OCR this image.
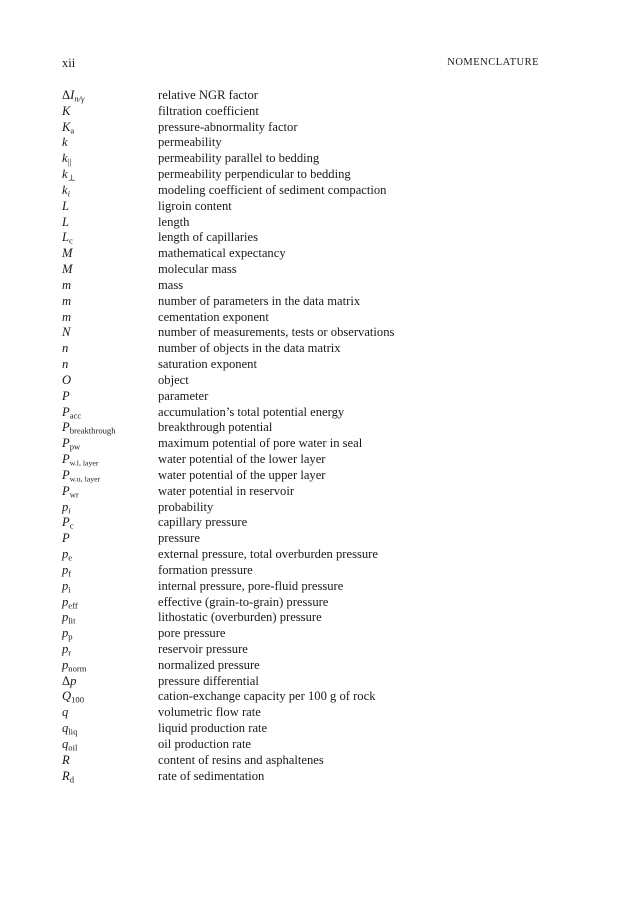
xii	NOMENCLATURE
$\Delta I_{n/\gamma}$	relative NGR factor
K	filtration coefficient
$K_a$	pressure-abnormality factor
k	permeability
$k_{||}$	permeability parallel to bedding
$k_\perp$	permeability perpendicular to bedding
$k_i$	modeling coefficient of sediment compaction
L	ligroin content
L	length
$L_c$	length of capillaries
M	mathematical expectancy
M	molecular mass
m	mass
m	number of parameters in the data matrix
m	cementation exponent
N	number of measurements, tests or observations
n	number of objects in the data matrix
n	saturation exponent
O	object
P	parameter
$P_{acc}$	accumulation’s total potential energy
$P_{breakthrough}$	breakthrough potential
$P_{pw}$	maximum potential of pore water in seal
$P_{w.l, layer}$	water potential of the lower layer
$P_{w.u, layer}$	water potential of the upper layer
$P_{wr}$	water potential in reservoir
$p_i$	probability
$P_c$	capillary pressure
P	pressure
$p_e$	external pressure, total overburden pressure
$p_f$	formation pressure
$p_i$	internal pressure, pore-fluid pressure
$p_{eff}$	effective (grain-to-grain) pressure
$p_{lit}$	lithostatic (overburden) pressure
$p_p$	pore pressure
$p_r$	reservoir pressure
$p_{norm}$	normalized pressure
Δp	pressure differential
$Q_{100}$	cation-exchange capacity per 100 g of rock
q	volumetric flow rate
$q_{liq}$	liquid production rate
$q_{oil}$	oil production rate
R	content of resins and asphaltenes
$R_d$	rate of sedimentation
